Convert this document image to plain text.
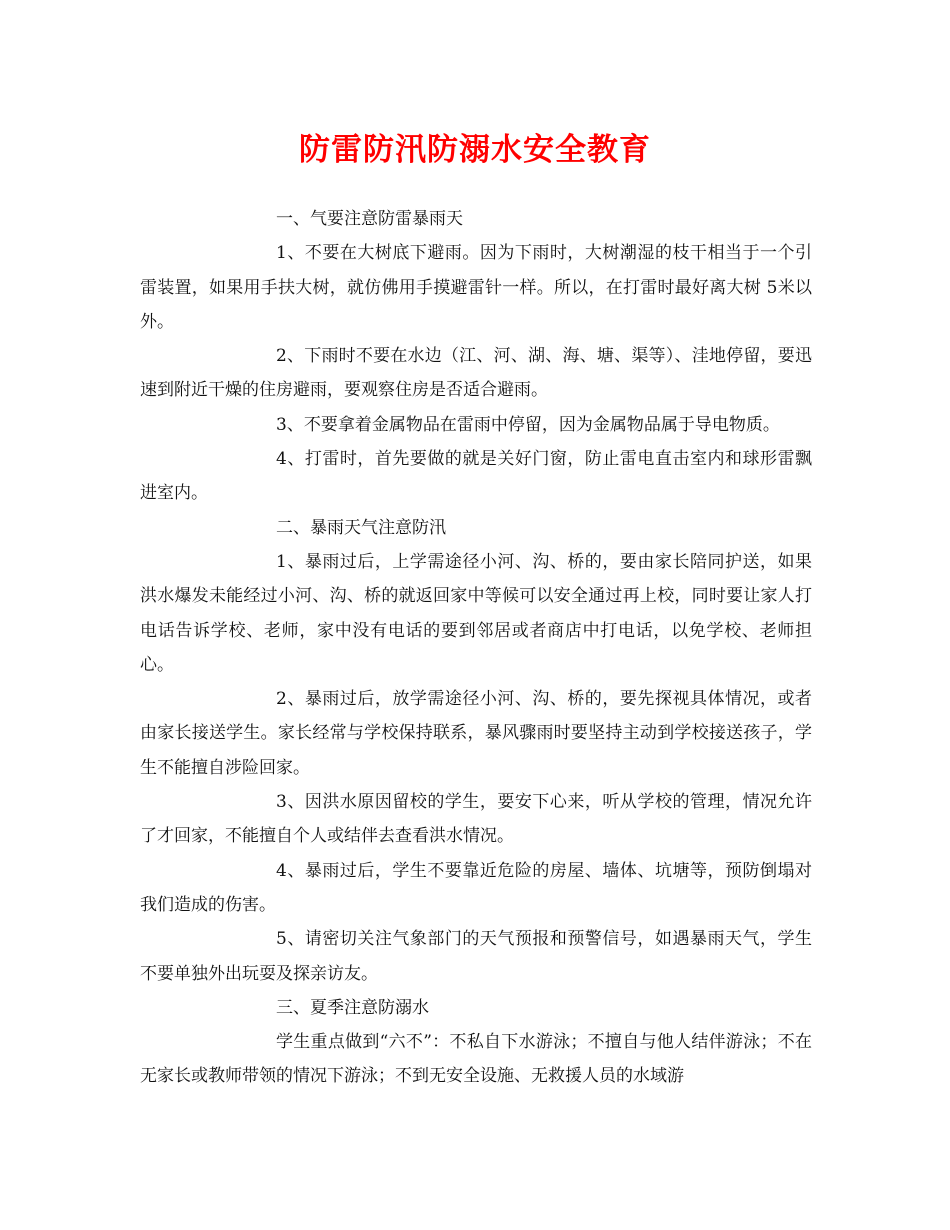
防雷防汛防溺水安全教育

一、气要注意防雷暴雨天

1、不要在大树底下避雨。因为下雨时，大树潮湿的枝干相当于一个引雷装置，如果用手扶大树，就仿佛用手摸避雷针一样。所以，在打雷时最好离大树 5米以外。

2、下雨时不要在水边（江、河、湖、海、塘、渠等）、洼地停留，要迅速到附近干燥的住房避雨，要观察住房是否适合避雨。

3、不要拿着金属物品在雷雨中停留，因为金属物品属于导电物质。

4、打雷时，首先要做的就是关好门窗，防止雷电直击室内和球形雷飘进室内。

二、暴雨天气注意防汛

1、暴雨过后，上学需途径小河、沟、桥的，要由家长陪同护送，如果洪水爆发未能经过小河、沟、桥的就返回家中等候可以安全通过再上校，同时要让家人打电话告诉学校、老师，家中没有电话的要到邻居或者商店中打电话，以免学校、老师担心。

2、暴雨过后，放学需途径小河、沟、桥的，要先探视具体情况，或者由家长接送学生。家长经常与学校保持联系，暴风骤雨时要坚持主动到学校接送孩子，学生不能擅自涉险回家。

3、因洪水原因留校的学生，要安下心来，听从学校的管理，情况允许了才回家，不能擅自个人或结伴去查看洪水情况。

4、暴雨过后，学生不要靠近危险的房屋、墙体、坑塘等，预防倒塌对我们造成的伤害。

5、请密切关注气象部门的天气预报和预警信号，如遇暴雨天气，学生不要单独外出玩耍及探亲访友。

三、夏季注意防溺水

学生重点做到“六不”：不私自下水游泳；不擅自与他人结伴游泳；不在无家长或教师带领的情况下游泳；不到无安全设施、无救援人员的水域游
